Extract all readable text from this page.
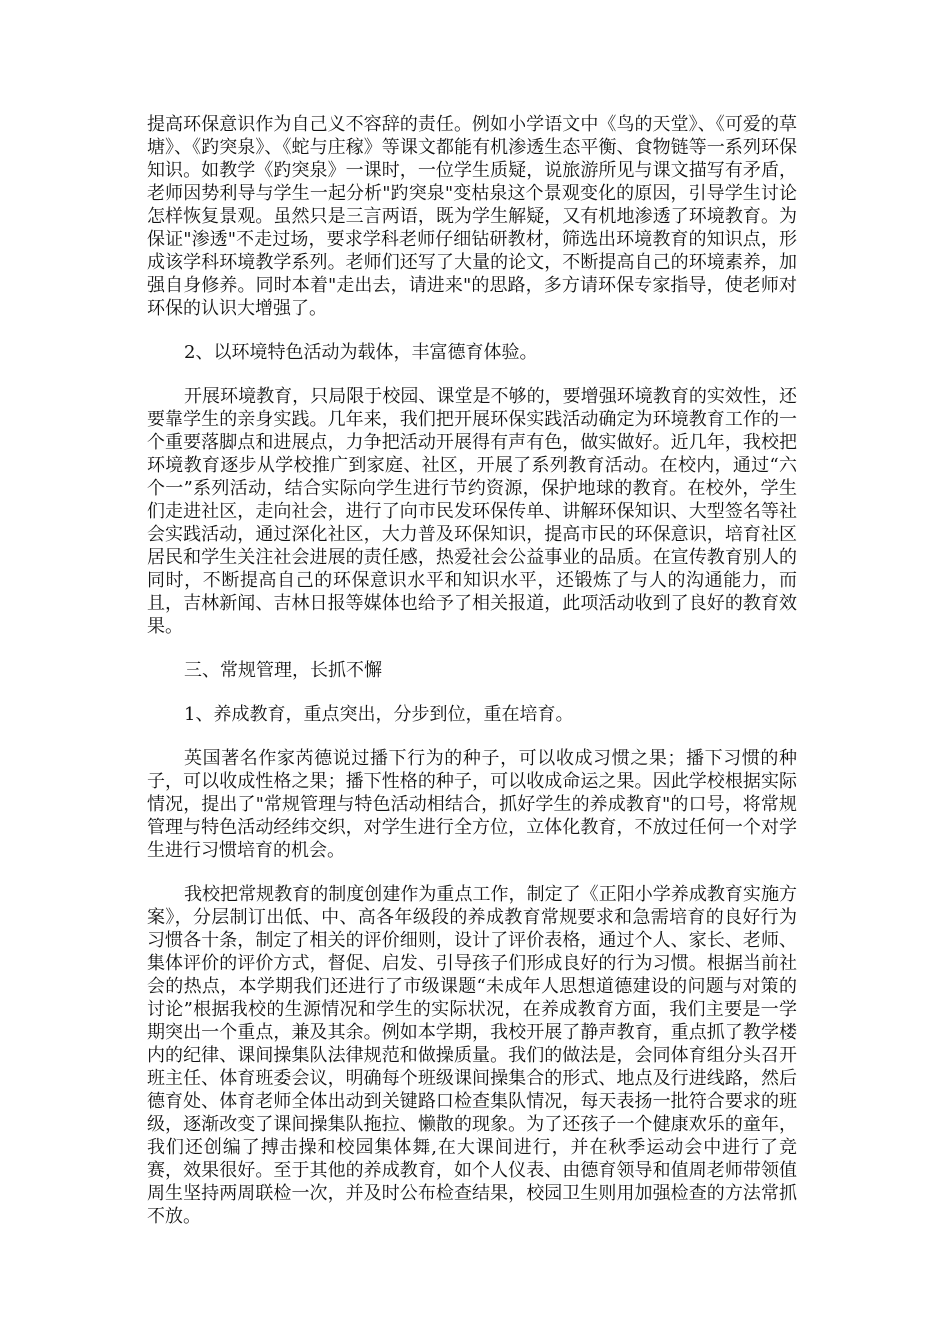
提高环保意识作为自己义不容辞的责任。例如小学语文中《鸟的天堂》、《可爱的草塘》、《趵突泉》、《蛇与庄稼》等课文都能有机渗透生态平衡、食物链等一系列环保知识。如教学《趵突泉》一课时，一位学生质疑，说旅游所见与课文描写有矛盾，老师因势利导与学生一起分析"趵突泉"变枯泉这个景观变化的原因，引导学生讨论怎样恢复景观。虽然只是三言两语，既为学生解疑，又有机地渗透了环境教育。为保证"渗透"不走过场，要求学科老师仔细钻研教材，筛选出环境教育的知识点，形成该学科环境教学系列。老师们还写了大量的论文，不断提高自己的环境素养，加强自身修养。同时本着"走出去，请进来"的思路，多方请环保专家指导，使老师对环保的认识大增强了。

2、以环境特色活动为载体，丰富德育体验。

开展环境教育，只局限于校园、课堂是不够的，要增强环境教育的实效性，还要靠学生的亲身实践。几年来，我们把开展环保实践活动确定为环境教育工作的一个重要落脚点和进展点，力争把活动开展得有声有色，做实做好。近几年，我校把环境教育逐步从学校推广到家庭、社区，开展了系列教育活动。在校内，通过“六个一”系列活动，结合实际向学生进行节约资源，保护地球的教育。在校外，学生们走进社区，走向社会，进行了向市民发环保传单、讲解环保知识、大型签名等社会实践活动，通过深化社区，大力普及环保知识，提高市民的环保意识，培育社区居民和学生关注社会进展的责任感，热爱社会公益事业的品质。在宣传教育别人的同时，不断提高自己的环保意识水平和知识水平，还锻炼了与人的沟通能力，而且，吉林新闻、吉林日报等媒体也给予了相关报道，此项活动收到了良好的教育效果。

三、常规管理，长抓不懈

1、养成教育，重点突出，分步到位，重在培育。

英国著名作家芮德说过播下行为的种子，可以收成习惯之果；播下习惯的种子，可以收成性格之果；播下性格的种子，可以收成命运之果。因此学校根据实际情况，提出了"常规管理与特色活动相结合，抓好学生的养成教育"的口号，将常规管理与特色活动经纬交织，对学生进行全方位，立体化教育，不放过任何一个对学生进行习惯培育的机会。

我校把常规教育的制度创建作为重点工作，制定了《正阳小学养成教育实施方案》，分层制订出低、中、高各年级段的养成教育常规要求和急需培育的良好行为习惯各十条，制定了相关的评价细则，设计了评价表格，通过个人、家长、老师、集体评价的评价方式，督促、启发、引导孩子们形成良好的行为习惯。根据当前社会的热点，本学期我们还进行了市级课题“未成年人思想道德建设的问题与对策的讨论”根据我校的生源情况和学生的实际状况，在养成教育方面，我们主要是一学期突出一个重点，兼及其余。例如本学期，我校开展了静声教育，重点抓了教学楼内的纪律、课间操集队法律规范和做操质量。我们的做法是，会同体育组分头召开班主任、体育班委会议，明确每个班级课间操集合的形式、地点及行进线路，然后德育处、体育老师全体出动到关键路口检查集队情况，每天表扬一批符合要求的班级，逐渐改变了课间操集队拖拉、懒散的现象。为了还孩子一个健康欢乐的童年，我们还创编了搏击操和校园集体舞,在大课间进行，并在秋季运动会中进行了竞赛，效果很好。至于其他的养成教育，如个人仪表、由德育领导和值周老师带领值周生坚持两周联检一次，并及时公布检查结果，校园卫生则用加强检查的方法常抓不放。
